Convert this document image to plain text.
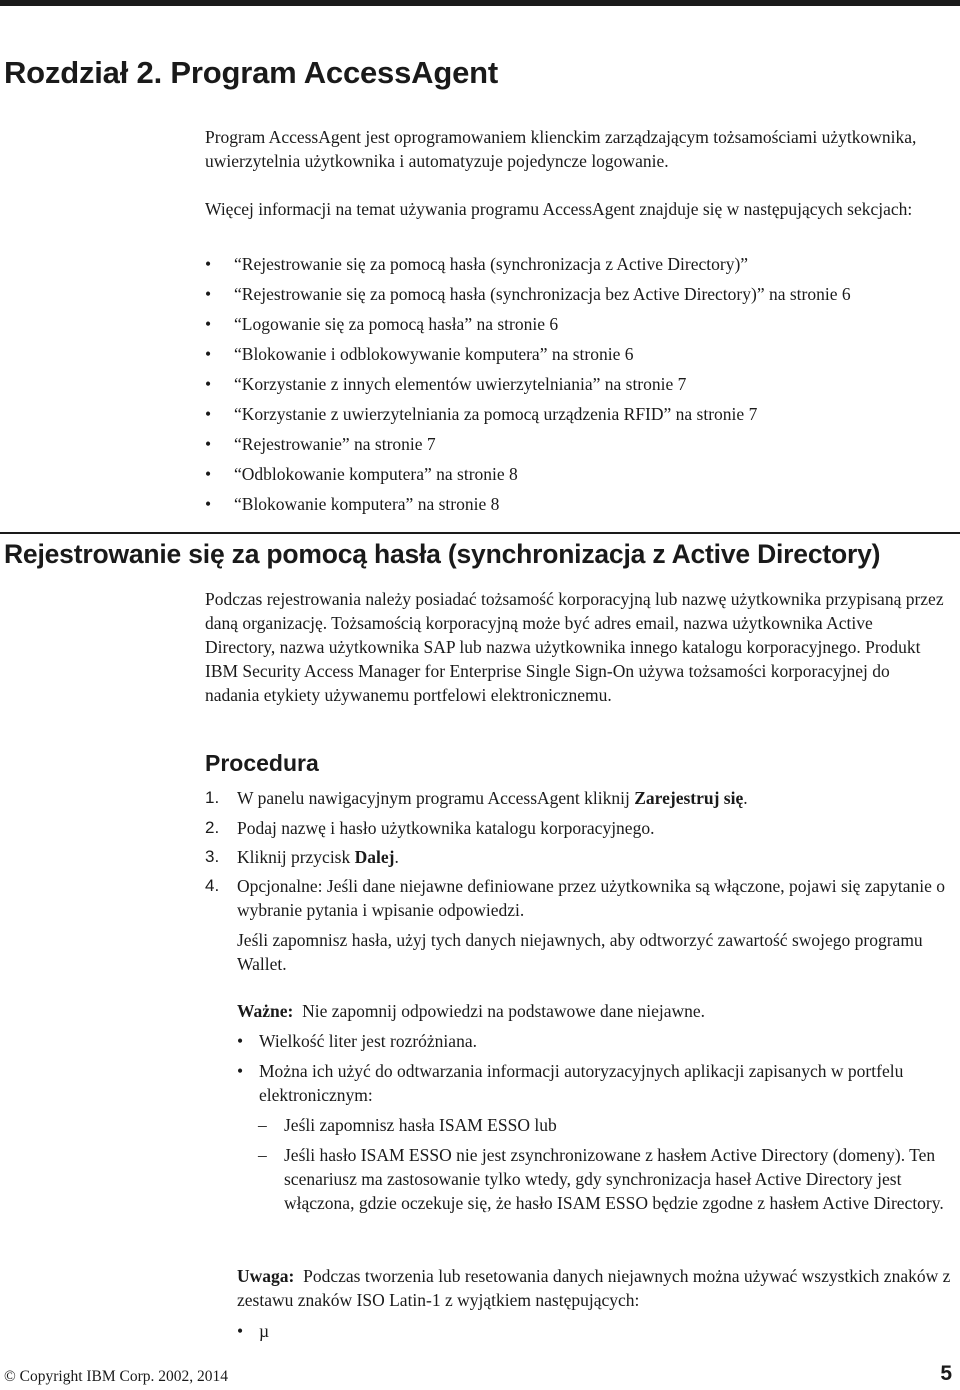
Rozdział 2. Program AccessAgent

Program AccessAgent jest oprogramowaniem klienckim zarządzającym tożsamościami użytkownika, uwierzytelnia użytkownika i automatyzuje pojedyncze logowanie.

Więcej informacji na temat używania programu AccessAgent znajduje się w następujących sekcjach:

• “Rejestrowanie się za pomocą hasła (synchronizacja z Active Directory)”
• “Rejestrowanie się za pomocą hasła (synchronizacja bez Active Directory)” na stronie 6
• “Logowanie się za pomocą hasła” na stronie 6
• “Blokowanie i odblokowywanie komputera” na stronie 6
• “Korzystanie z innych elementów uwierzytelniania” na stronie 7
• “Korzystanie z uwierzytelniania za pomocą urządzenia RFID” na stronie 7
• “Rejestrowanie” na stronie 7
• “Odblokowanie komputera” na stronie 8
• “Blokowanie komputera” na stronie 8
Rejestrowanie się za pomocą hasła (synchronizacja z Active Directory)

Podczas rejestrowania należy posiadać tożsamość korporacyjną lub nazwę użytkownika przypisaną przez daną organizację. Tożsamością korporacyjną może być adres email, nazwa użytkownika Active Directory, nazwa użytkownika SAP lub nazwa użytkownika innego katalogu korporacyjnego. Produkt IBM Security Access Manager for Enterprise Single Sign-On używa tożsamości korporacyjnej do nadania etykiety używanemu portfelowi elektronicznemu.

Procedura
1. W panelu nawigacyjnym programu AccessAgent kliknij Zarejestruj się.
2. Podaj nazwę i hasło użytkownika katalogu korporacyjnego.
3. Kliknij przycisk Dalej.
4. Opcjonalne: Jeśli dane niejawne definiowane przez użytkownika są włączone, pojawi się zapytanie o wybranie pytania i wpisanie odpowiedzi.

Jeśli zapomnisz hasła, użyj tych danych niejawnych, aby odtworzyć zawartość swojego programu Wallet.

Ważne: Nie zapomnij odpowiedzi na podstawowe dane niejawne.

• Wielkość liter jest rozróżniana.
• Można ich użyć do odtwarzania informacji autoryzacyjnych aplikacji zapisanych w portfelu elektronicznym:
– Jeśli zapomnisz hasła ISAM ESSO lub
– Jeśli hasło ISAM ESSO nie jest zsynchronizowane z hasłem Active Directory (domeny). Ten scenariusz ma zastosowanie tylko wtedy, gdy synchronizacja haseł Active Directory jest włączona, gdzie oczekuje się, że hasło ISAM ESSO będzie zgodne z hasłem Active Directory.

Uwaga: Podczas tworzenia lub resetowania danych niejawnych można używać wszystkich znaków z zestawu znaków ISO Latin-1 z wyjątkiem następujących:

• µ
© Copyright IBM Corp. 2002, 2014	5
